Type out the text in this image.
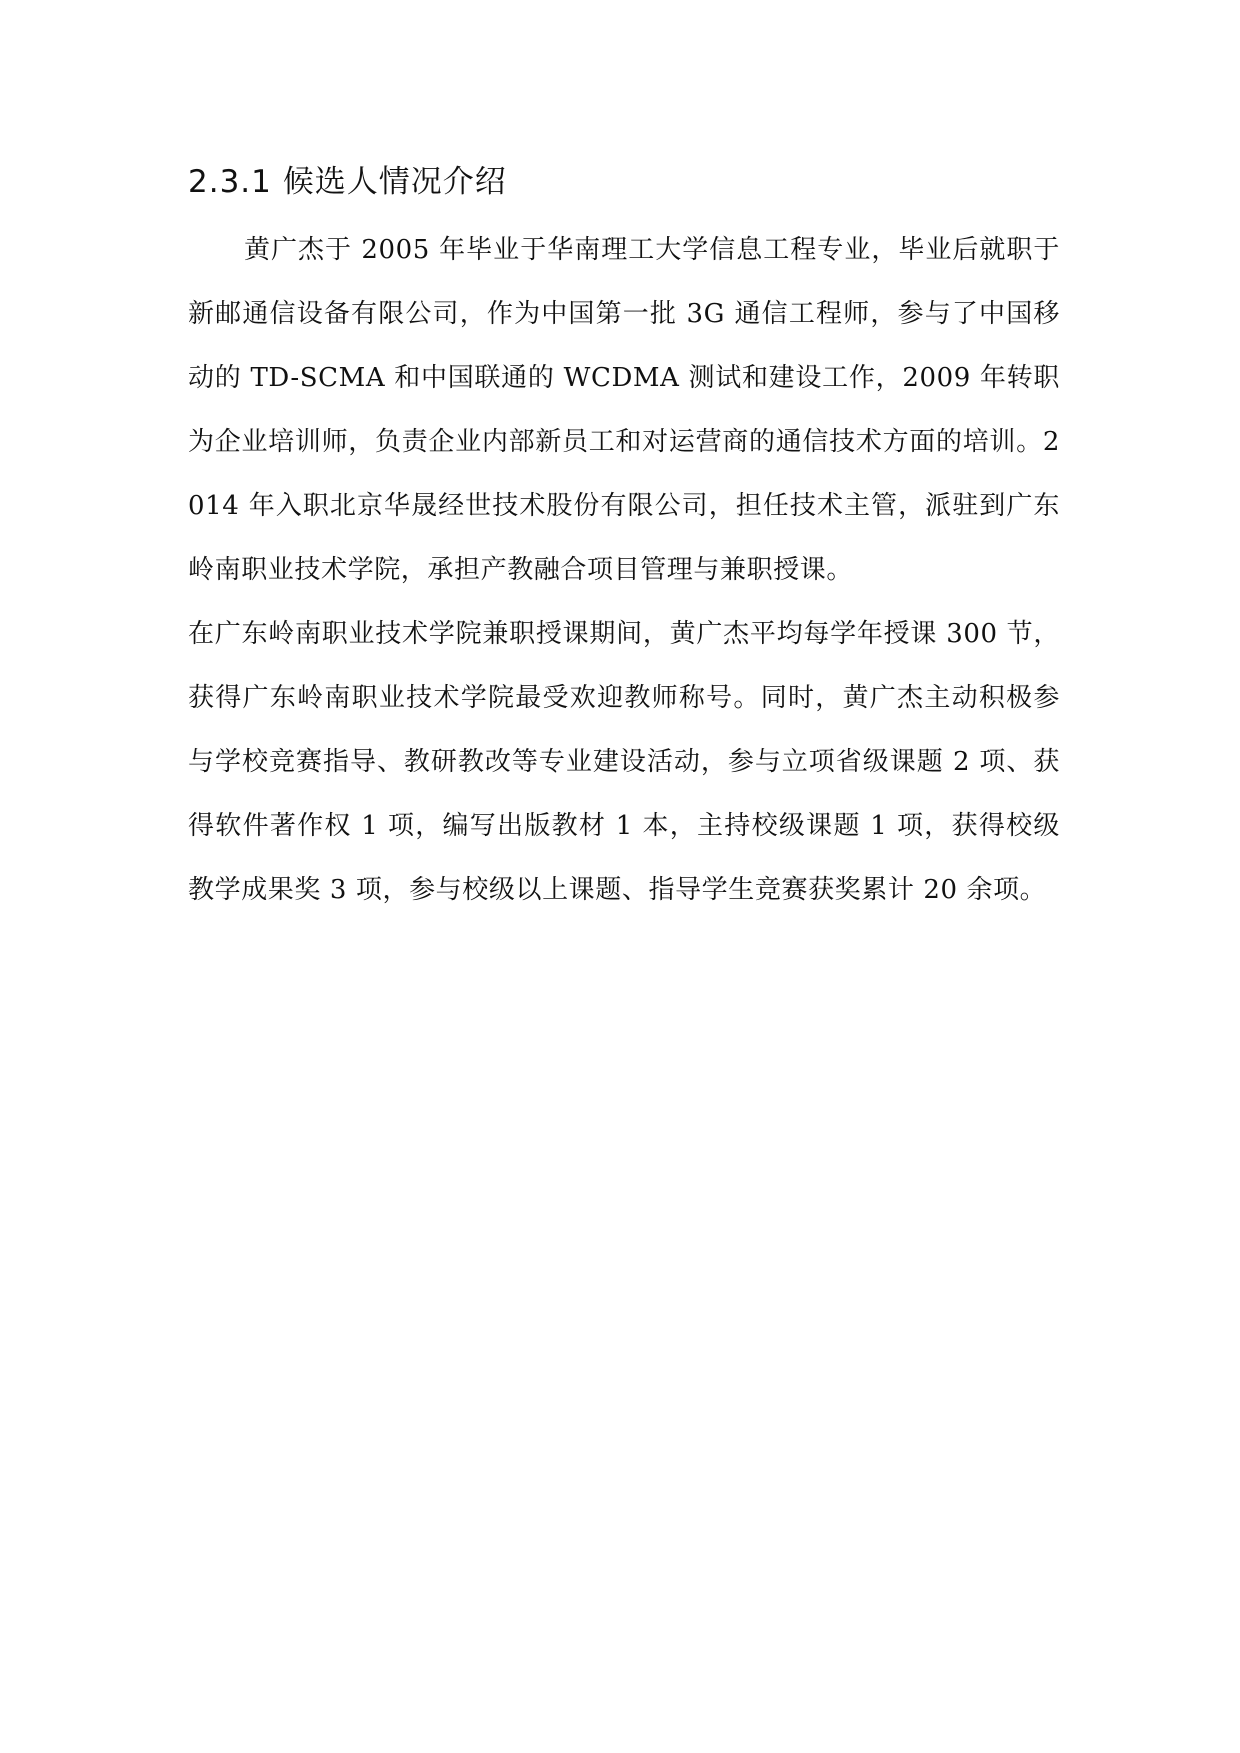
2.3.1 候选人情况介绍

黄广杰于 2005 年毕业于华南理工大学信息工程专业，毕业后就职于新邮通信设备有限公司，作为中国第一批 3G 通信工程师，参与了中国移动的 TD-SCMA 和中国联通的 WCDMA 测试和建设工作，2009 年转职为企业培训师，负责企业内部新员工和对运营商的通信技术方面的培训。2014 年入职北京华晟经世技术股份有限公司，担任技术主管，派驻到广东岭南职业技术学院，承担产教融合项目管理与兼职授课。

在广东岭南职业技术学院兼职授课期间，黄广杰平均每学年授课 300 节，获得广东岭南职业技术学院最受欢迎教师称号。同时，黄广杰主动积极参与学校竞赛指导、教研教改等专业建设活动，参与立项省级课题 2 项、获得软件著作权 1 项，编写出版教材 1 本，主持校级课题 1 项，获得校级教学成果奖 3 项，参与校级以上课题、指导学生竞赛获奖累计 20 余项。
